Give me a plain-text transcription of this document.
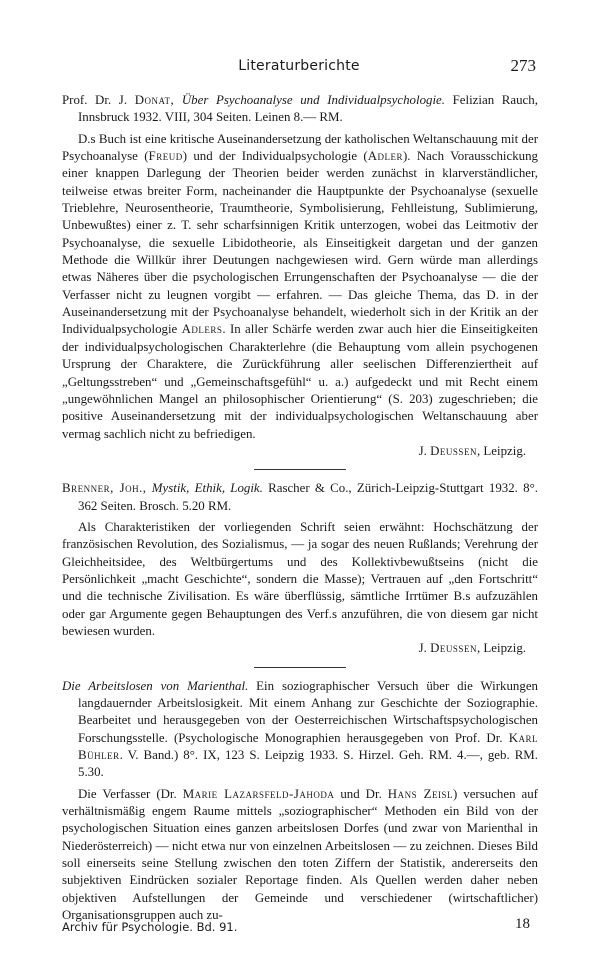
Literaturberichte	273
Prof. Dr. J. Donat, Über Psychoanalyse und Individualpsychologie. Felizian Rauch, Innsbruck 1932. VIII, 304 Seiten. Leinen 8.— RM.
D.s Buch ist eine kritische Auseinandersetzung der katholischen Weltanschauung mit der Psychoanalyse (Freud) und der Individualpsychologie (Adler). Nach Vorausschickung einer knappen Darlegung der Theorien beider werden zunächst in klarverständlicher, teilweise etwas breiter Form, nacheinander die Hauptpunkte der Psychoanalyse (sexuelle Trieblehre, Neurosentheorie, Traumtheorie, Symbolisierung, Fehlleistung, Sublimierung, Unbewußtes) einer z. T. sehr scharfsinnigen Kritik unterzogen, wobei das Leitmotiv der Psychoanalyse, die sexuelle Libidotheorie, als Einseitigkeit dargetan und der ganzen Methode die Willkür ihrer Deutungen nachgewiesen wird. Gern würde man allerdings etwas Näheres über die psychologischen Errungenschaften der Psychoanalyse — die der Verfasser nicht zu leugnen vorgibt — erfahren. — Das gleiche Thema, das D. in der Auseinandersetzung mit der Psychoanalyse behandelt, wiederholt sich in der Kritik an der Individualpsychologie Adlers. In aller Schärfe werden zwar auch hier die Einseitigkeiten der individualpsychologischen Charakterlehre (die Behauptung vom allein psychogenen Ursprung der Charaktere, die Zurückführung aller seelischen Differenziertheit auf „Geltungsstreben“ und „Gemeinschaftsgefühl“ u. a.) aufgedeckt und mit Recht einem „ungewöhnlichen Mangel an philosophischer Orientierung“ (S. 203) zugeschrieben; die positive Auseinandersetzung mit der individualpsychologischen Weltanschauung aber vermag sachlich nicht zu befriedigen.
J. Deussen, Leipzig.
Brenner, Joh., Mystik, Ethik, Logik. Rascher & Co., Zürich-Leipzig-Stuttgart 1932. 8°. 362 Seiten. Brosch. 5.20 RM.
Als Charakteristiken der vorliegenden Schrift seien erwähnt: Hochschätzung der französischen Revolution, des Sozialismus, — ja sogar des neuen Rußlands; Verehrung der Gleichheitsidee, des Weltbürgertums und des Kollektivbewußtseins (nicht die Persönlichkeit „macht Geschichte“, sondern die Masse); Vertrauen auf „den Fortschritt“ und die technische Zivilisation. Es wäre überflüssig, sämtliche Irrtümer B.s aufzuzählen oder gar Argumente gegen Behauptungen des Verf.s anzuführen, die von diesem gar nicht bewiesen wurden.
J. Deussen, Leipzig.
Die Arbeitslosen von Marienthal. Ein soziographischer Versuch über die Wirkungen langdauernder Arbeitslosigkeit. Mit einem Anhang zur Geschichte der Soziographie. Bearbeitet und herausgegeben von der Oesterreichischen Wirtschaftspsychologischen Forschungsstelle. (Psychologische Monographien herausgegeben von Prof. Dr. Karl Bühler. V. Band.) 8°. IX, 123 S. Leipzig 1933. S. Hirzel. Geh. RM. 4.—, geb. RM. 5.30.
Die Verfasser (Dr. Marie Lazarsfeld-Jahoda und Dr. Hans Zeisl) versuchen auf verhältnismäßig engem Raume mittels „soziographischer“ Methoden ein Bild von der psychologischen Situation eines ganzen arbeitslosen Dorfes (und zwar von Marienthal in Niederösterreich) — nicht etwa nur von einzelnen Arbeitslosen — zu zeichnen. Dieses Bild soll einerseits seine Stellung zwischen den toten Ziffern der Statistik, andererseits den subjektiven Eindrücken sozialer Reportage finden. Als Quellen werden daher neben objektiven Aufstellungen der Gemeinde und verschiedener (wirtschaftlicher) Organisationsgruppen auch zu-
Archiv für Psychologie. Bd. 91.	18
